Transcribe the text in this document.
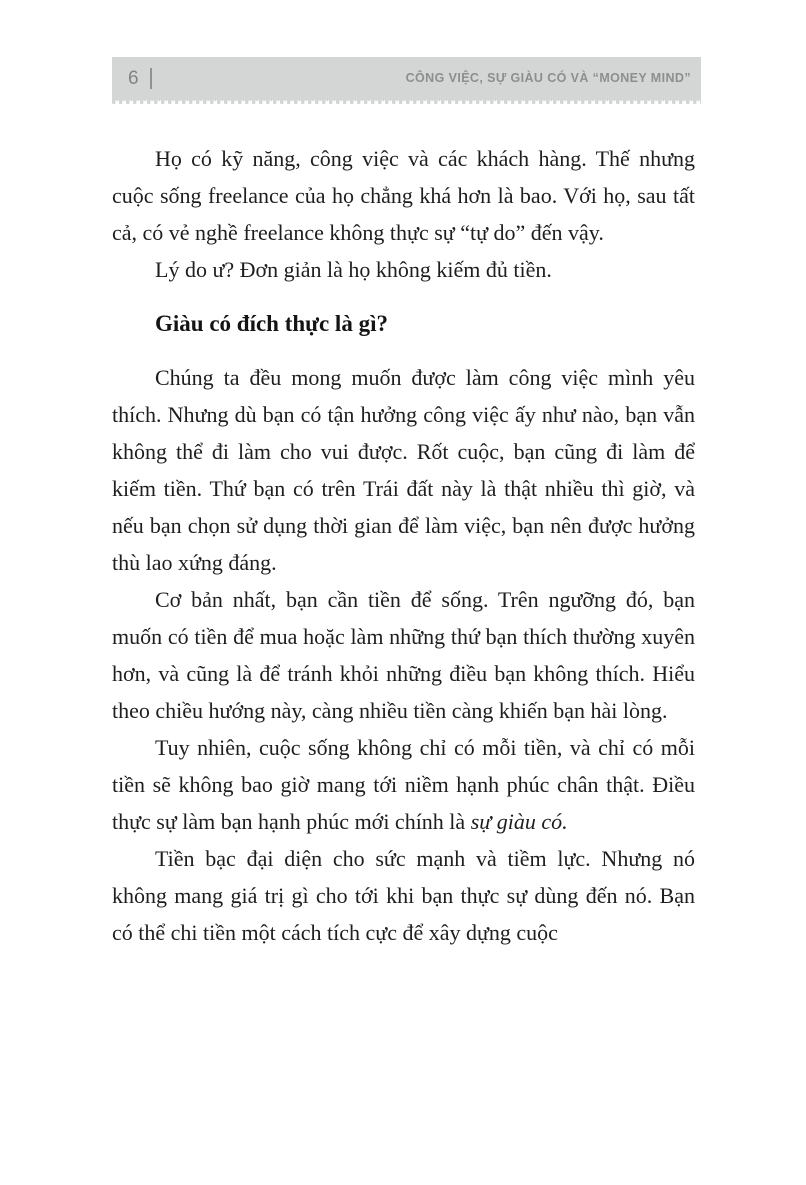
6	CÔNG VIỆC, SỰ GIÀU CÓ VÀ “MONEY MIND”

Họ có kỹ năng, công việc và các khách hàng. Thế nhưng cuộc sống freelance của họ chẳng khá hơn là bao. Với họ, sau tất cả, có vẻ nghề freelance không thực sự “tự do” đến vậy.

Lý do ư? Đơn giản là họ không kiếm đủ tiền.

Giàu có đích thực là gì?

Chúng ta đều mong muốn được làm công việc mình yêu thích. Nhưng dù bạn có tận hưởng công việc ấy như nào, bạn vẫn không thể đi làm cho vui được. Rốt cuộc, bạn cũng đi làm để kiếm tiền. Thứ bạn có trên Trái đất này là thật nhiều thì giờ, và nếu bạn chọn sử dụng thời gian để làm việc, bạn nên được hưởng thù lao xứng đáng.

Cơ bản nhất, bạn cần tiền để sống. Trên ngưỡng đó, bạn muốn có tiền để mua hoặc làm những thứ bạn thích thường xuyên hơn, và cũng là để tránh khỏi những điều bạn không thích. Hiểu theo chiều hướng này, càng nhiều tiền càng khiến bạn hài lòng.

Tuy nhiên, cuộc sống không chỉ có mỗi tiền, và chỉ có mỗi tiền sẽ không bao giờ mang tới niềm hạnh phúc chân thật. Điều thực sự làm bạn hạnh phúc mới chính là sự giàu có.

Tiền bạc đại diện cho sức mạnh và tiềm lực. Nhưng nó không mang giá trị gì cho tới khi bạn thực sự dùng đến nó. Bạn có thể chi tiền một cách tích cực để xây dựng cuộc
